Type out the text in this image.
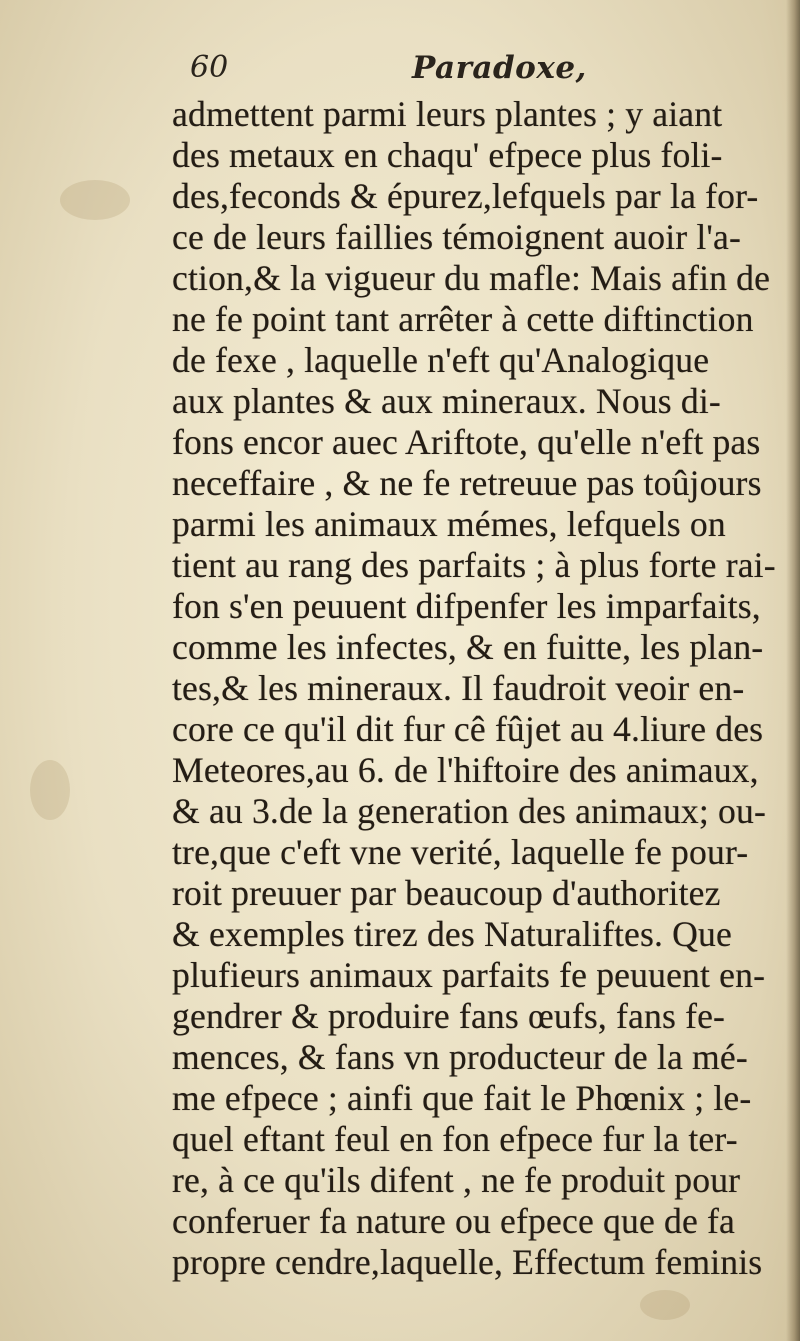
60	Paradoxe,
admettent parmi leurs plantes ; y aiant
des metaux en chaqu' efpece plus foli-
des,feconds & épurez,lefquels par la for-
ce de leurs faillies témoignent auoir l'a-
ction,& la vigueur du mafle: Mais afin de
ne fe point tant arrêter à cette diftinction
de fexe , laquelle n'eft qu'Analogique
aux plantes & aux mineraux. Nous di-
fons encor auec Ariftote, qu'elle n'eft pas
neceffaire , & ne fe retreuue pas toûjours
parmi les animaux mémes, lefquels on
tient au rang des parfaits ; à plus forte rai-
fon s'en peuuent difpenfer les imparfaits,
comme les infectes, & en fuitte, les plan-
tes,& les mineraux. Il faudroit veoir en-
core ce qu'il dit fur cê fûjet au 4.liure des
Meteores,au 6. de l'hiftoire des animaux,
& au 3.de la generation des animaux; ou-
tre,que c'eft vne verité, laquelle fe pour-
roit preuuer par beaucoup d'authoritez
& exemples tirez des Naturaliftes. Que
plufieurs animaux parfaits fe peuuent en-
gendrer & produire fans œufs, fans fe-
mences, & fans vn producteur de la mé-
me efpece ; ainfi que fait le Phœnix ; le-
quel eftant feul en fon efpece fur la ter-
re, à ce qu'ils difent , ne fe produit pour
conferuer fa nature ou efpece que de fa
propre cendre,laquelle, Effectum feminis
